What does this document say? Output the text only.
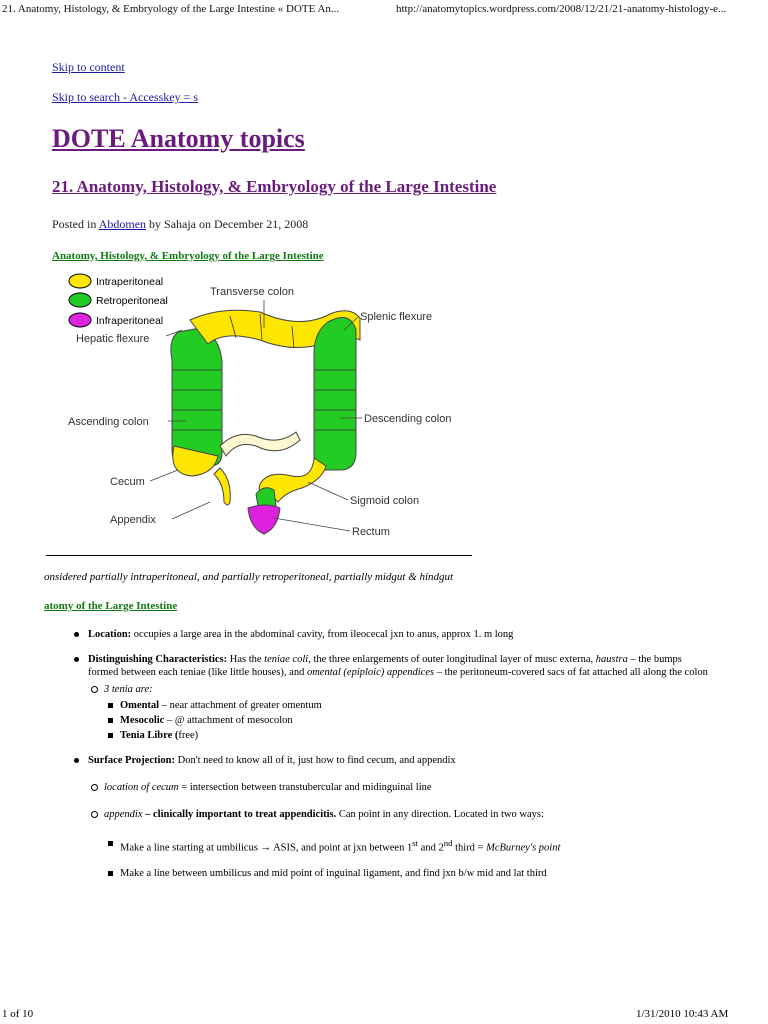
21. Anatomy, Histology, & Embryology of the Large Intestine « DOTE An...	http://anatomytopics.wordpress.com/2008/12/21/21-anatomy-histology-e...
Skip to content
Skip to search - Accesskey = s
DOTE Anatomy topics
21. Anatomy, Histology, & Embryology of the Large Intestine
Posted in Abdomen by Sahaja on December 21, 2008
Anatomy, Histology, & Embryology of the Large Intestine
Intraperitoneal
Retroperitoneal
Infraperitoneal
Transverse colon
Splenic flexure
Hepatic flexure
Ascending colon	Descending colon
Cecum
Sigmoid colon
Appendix
Rectum
onsidered partially intraperitoneal, and partially retroperitoneal, partially midgut & hindgut
atomy of the Large Intestine
Location: occupies a large area in the abdominal cavity, from ileocecal jxn to anus, approx 1. m long
Distinguishing Characteristics: Has the teniae coli, the three enlargements of outer longitudinal layer of musc externa, haustra – the bumps formed between each teniae (like little houses), and omental (epiploic) appendices – the peritoneum-covered sacs of fat attached all along the colon
3 tenia are:
Omental – near attachment of greater omentum
Mesocolic – @ attachment of mesocolon
Tenia Libre (free)
Surface Projection: Don't need to know all of it, just how to find cecum, and appendix
location of cecum = intersection between transtubercular and midinguinal line
appendix – clinically important to treat appendicitis. Can point in any direction. Located in two ways:
Make a line starting at umbilicus → ASIS, and point at jxn between 1st and 2nd third = McBurney's point
Make a line between umbilicus and mid point of inguinal ligament, and find jxn b/w mid and lat third
1 of 10	1/31/2010 10:43 AM
